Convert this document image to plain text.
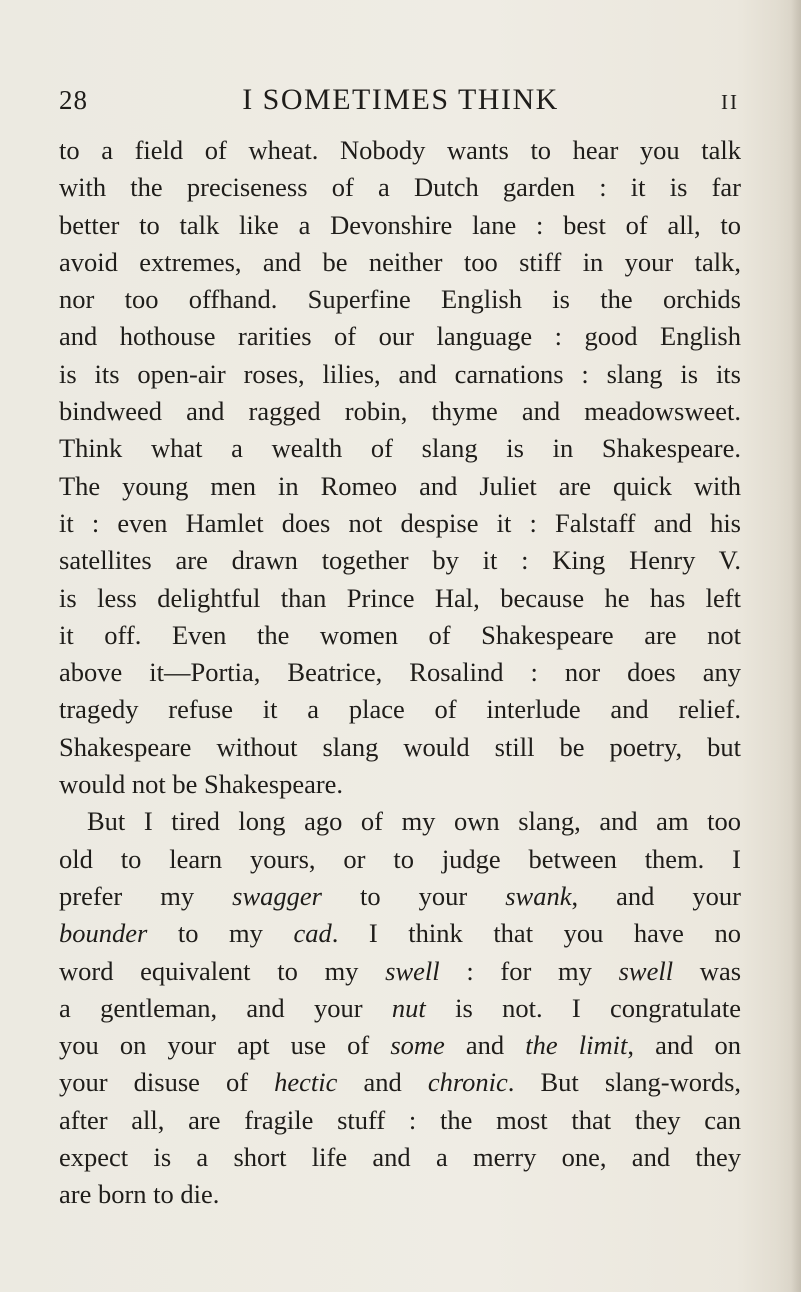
28	I SOMETIMES THINK	II
to a field of wheat. Nobody wants to hear you talk
with the preciseness of a Dutch garden : it is far
better to talk like a Devonshire lane : best of all, to
avoid extremes, and be neither too stiff in your talk,
nor too offhand. Superfine English is the orchids
and hothouse rarities of our language : good English
is its open-air roses, lilies, and carnations : slang is its
bindweed and ragged robin, thyme and meadowsweet.
Think what a wealth of slang is in Shakespeare.
The young men in Romeo and Juliet are quick with
it : even Hamlet does not despise it : Falstaff and his
satellites are drawn together by it : King Henry V.
is less delightful than Prince Hal, because he has left
it off. Even the women of Shakespeare are not
above it—Portia, Beatrice, Rosalind : nor does any
tragedy refuse it a place of interlude and relief.
Shakespeare without slang would still be poetry, but
would not be Shakespeare.
But I tired long ago of my own slang, and am too
old to learn yours, or to judge between them. I
prefer my swagger to your swank, and your
bounder to my cad. I think that you have no
word equivalent to my swell : for my swell was
a gentleman, and your nut is not. I congratulate
you on your apt use of some and the limit, and on
your disuse of hectic and chronic. But slang-words,
after all, are fragile stuff : the most that they can
expect is a short life and a merry one, and they
are born to die.
